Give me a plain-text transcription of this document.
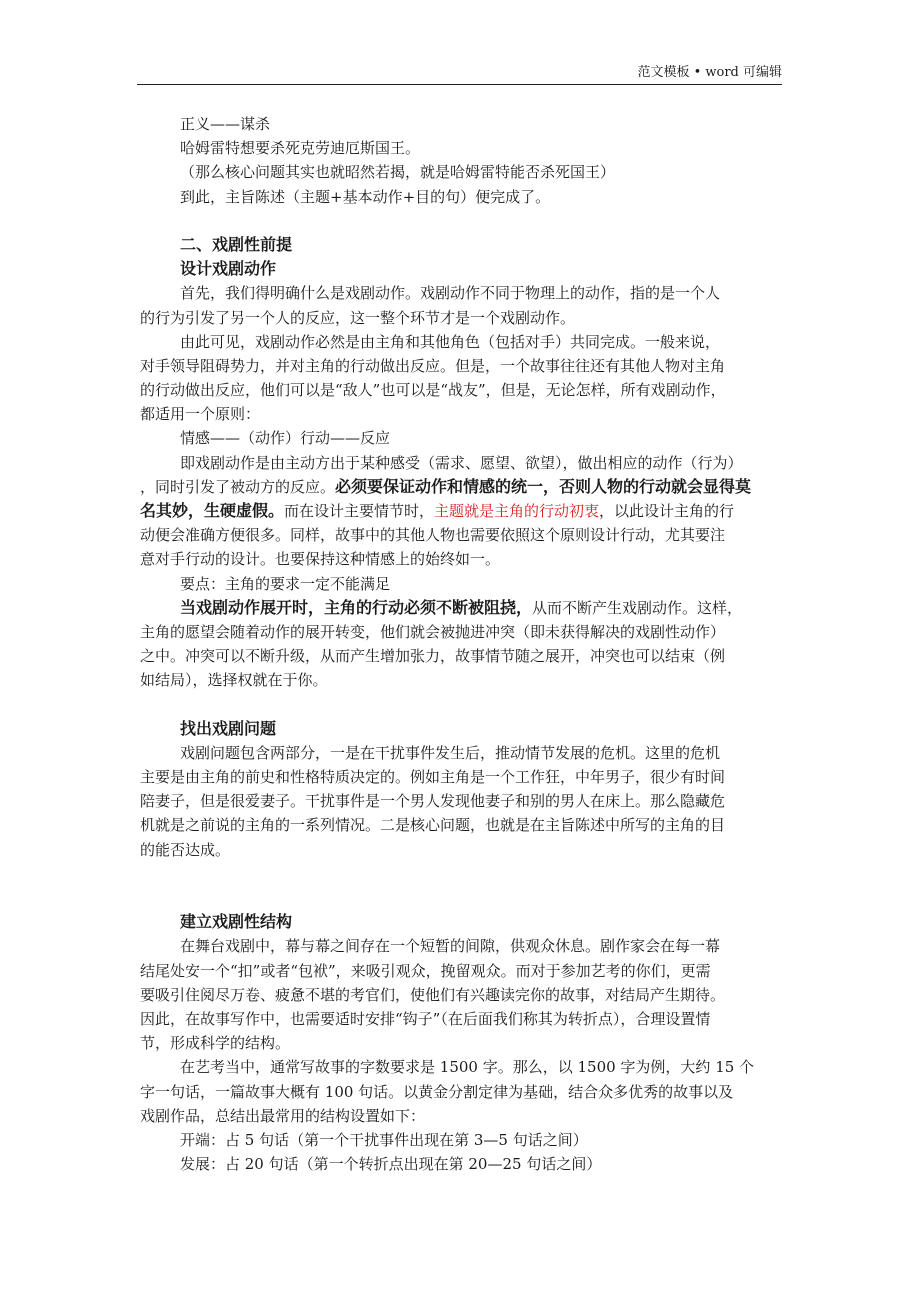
范文模板 • word 可编辑
正义——谋杀
哈姆雷特想要杀死克劳迪厄斯国王。
（那么核心问题其实也就昭然若揭，就是哈姆雷特能否杀死国王）
到此，主旨陈述（主题+基本动作+目的句）便完成了。
二、戏剧性前提
设计戏剧动作
首先，我们得明确什么是戏剧动作。戏剧动作不同于物理上的动作，指的是一个人
的行为引发了另一个人的反应，这一整个环节才是一个戏剧动作。
由此可见，戏剧动作必然是由主角和其他角色（包括对手）共同完成。一般来说，
对手领导阻碍势力，并对主角的行动做出反应。但是，一个故事往往还有其他人物对主角
的行动做出反应，他们可以是“敌人”也可以是“战友”，但是，无论怎样，所有戏剧动作，
都适用一个原则：
情感——（动作）行动——反应
即戏剧动作是由主动方出于某种感受（需求、愿望、欲望），做出相应的动作（行为）
，同时引发了被动方的反应。必须要保证动作和情感的统一，否则人物的行动就会显得莫
名其妙，生硬虚假。而在设计主要情节时，主题就是主角的行动初衷，以此设计主角的行
动便会准确方便很多。同样，故事中的其他人物也需要依照这个原则设计行动，尤其要注
意对手行动的设计。也要保持这种情感上的始终如一。
要点：主角的要求一定不能满足
当戏剧动作展开时，主角的行动必须不断被阻挠，从而不断产生戏剧动作。这样，
主角的愿望会随着动作的展开转变，他们就会被抛进冲突（即未获得解决的戏剧性动作）
之中。冲突可以不断升级，从而产生增加张力，故事情节随之展开，冲突也可以结束（例
如结局），选择权就在于你。
找出戏剧问题
戏剧问题包含两部分，一是在干扰事件发生后，推动情节发展的危机。这里的危机
主要是由主角的前史和性格特质决定的。例如主角是一个工作狂，中年男子，很少有时间
陪妻子，但是很爱妻子。干扰事件是一个男人发现他妻子和别的男人在床上。那么隐藏危
机就是之前说的主角的一系列情况。二是核心问题，也就是在主旨陈述中所写的主角的目
的能否达成。
建立戏剧性结构
在舞台戏剧中，幕与幕之间存在一个短暂的间隙，供观众休息。剧作家会在每一幕
结尾处安一个“扣”或者“包袱”，来吸引观众，挽留观众。而对于参加艺考的你们，更需
要吸引住阅尽万卷、疲惫不堪的考官们，使他们有兴趣读完你的故事，对结局产生期待。
因此，在故事写作中，也需要适时安排“钩子”（在后面我们称其为转折点），合理设置情
节，形成科学的结构。
在艺考当中，通常写故事的字数要求是 1500 字。那么，以 1500 字为例，大约 15 个
字一句话，一篇故事大概有 100 句话。以黄金分割定律为基础，结合众多优秀的故事以及
戏剧作品，总结出最常用的结构设置如下：
开端：占 5 句话（第一个干扰事件出现在第 3—5 句话之间）
发展：占 20 句话（第一个转折点出现在第 20—25 句话之间）
